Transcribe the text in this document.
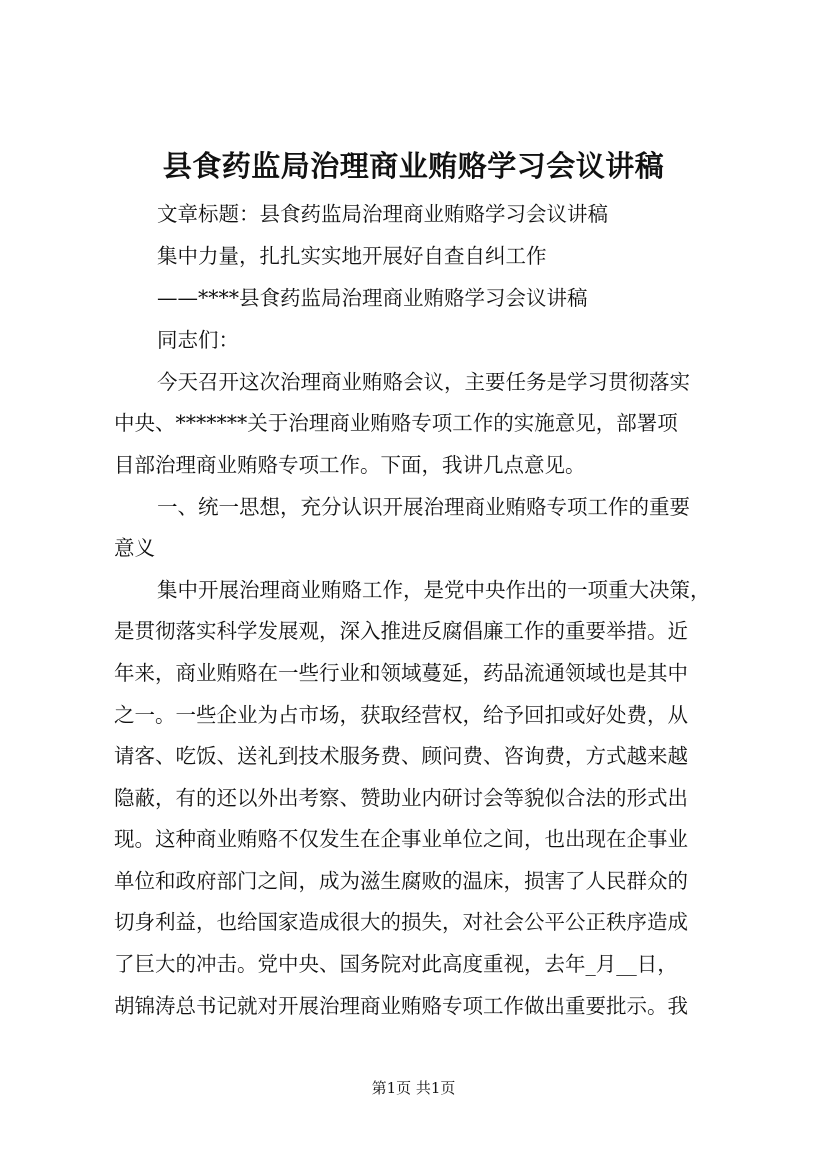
县食药监局治理商业贿赂学习会议讲稿
文章标题：县食药监局治理商业贿赂学习会议讲稿
集中力量，扎扎实实地开展好自查自纠工作
——****县食药监局治理商业贿赂学习会议讲稿
同志们：
今天召开这次治理商业贿赂会议，主要任务是学习贯彻落实
中央、*******关于治理商业贿赂专项工作的实施意见，部署项
目部治理商业贿赂专项工作。下面，我讲几点意见。
一、统一思想，充分认识开展治理商业贿赂专项工作的重要
意义
集中开展治理商业贿赂工作，是党中央作出的一项重大决策，
是贯彻落实科学发展观，深入推进反腐倡廉工作的重要举措。近
年来，商业贿赂在一些行业和领域蔓延，药品流通领域也是其中
之一。一些企业为占市场，获取经营权，给予回扣或好处费，从
请客、吃饭、送礼到技术服务费、顾问费、咨询费，方式越来越
隐蔽，有的还以外出考察、赞助业内研讨会等貌似合法的形式出
现。这种商业贿赂不仅发生在企事业单位之间，也出现在企事业
单位和政府部门之间，成为滋生腐败的温床，损害了人民群众的
切身利益，也给国家造成很大的损失，对社会公平公正秩序造成
了巨大的冲击。党中央、国务院对此高度重视，去年_月__日，
胡锦涛总书记就对开展治理商业贿赂专项工作做出重要批示。我
第1页 共1页
